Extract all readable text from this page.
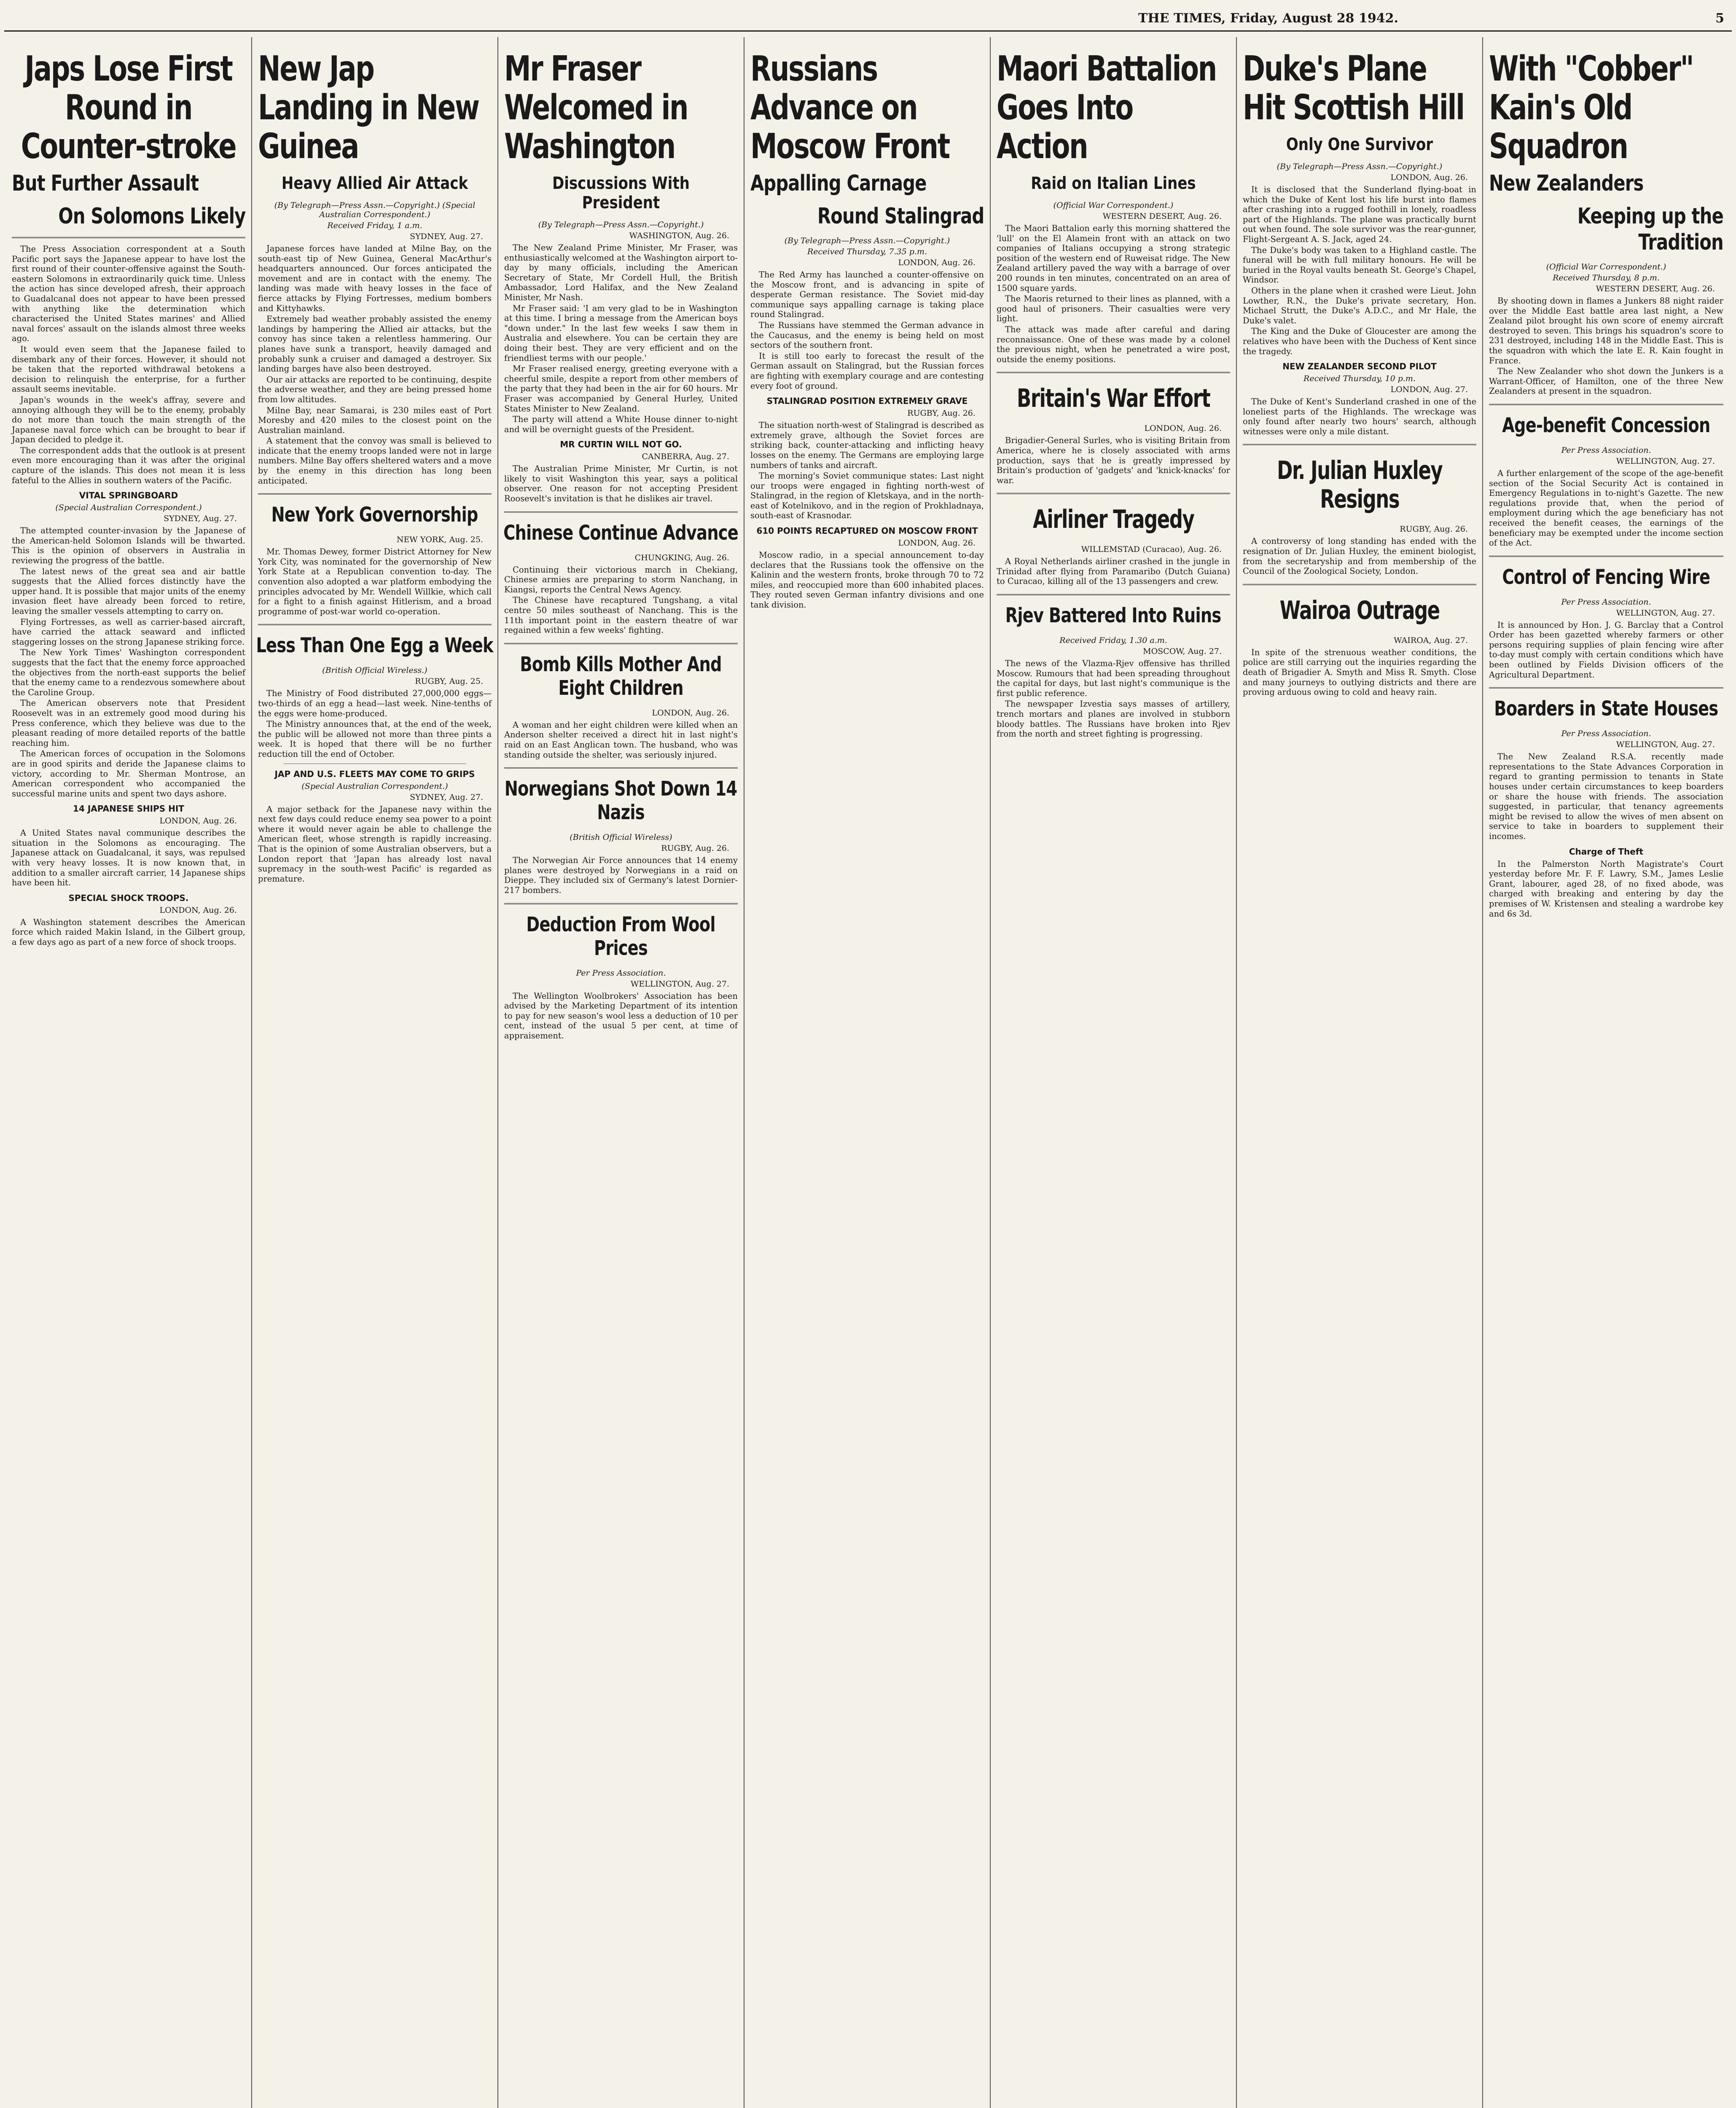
THE TIMES, Friday, August 28 1942.	5
Japs Lose First Round in Counter-stroke
But Further Assault
On Solomons Likely

The Press Association correspondent at a South Pacific port says the Japanese appear to have lost the first round of their counter-offensive against the South-eastern Solomons in extraordinarily quick time. Unless the action has since developed afresh, their approach to Guadalcanal does not appear to have been pressed with anything like the determination which characterised the United States marines' and Allied naval forces' assault on the islands almost three weeks ago.

It would even seem that the Japanese failed to disembark any of their forces. However, it should not be taken that the reported withdrawal betokens a decision to relinquish the enterprise, for a further assault seems inevitable.

Japan's wounds in the week's affray, severe and annoying although they will be to the enemy, probably do not more than touch the main strength of the Japanese naval force which can be brought to bear if Japan decided to pledge it.

The correspondent adds that the outlook is at present even more encouraging than it was after the original capture of the islands. This does not mean it is less fateful to the Allies in southern waters of the Pacific.

VITAL SPRINGBOARD
(Special Australian Correspondent.)
SYDNEY, Aug. 27.

The attempted counter-invasion by the Japanese of the American-held Solomon Islands will be thwarted. This is the opinion of observers in Australia in reviewing the progress of the battle.

The latest news of the great sea and air battle suggests that the Allied forces distinctly have the upper hand. It is possible that major units of the enemy invasion fleet have already been forced to retire, leaving the smaller vessels attempting to carry on.

Flying Fortresses, as well as carrier-based aircraft, have carried the attack seaward and inflicted staggering losses on the strong Japanese striking force.

The New York Times' Washington correspondent suggests that the fact that the enemy force approached the objectives from the north-east supports the belief that the enemy came to a rendezvous somewhere about the Caroline Group.

The American observers note that President Roosevelt was in an extremely good mood during his Press conference, which they believe was due to the pleasant reading of more detailed reports of the battle reaching him.

The American forces of occupation in the Solomons are in good spirits and deride the Japanese claims to victory, according to Mr. Sherman Montrose, an American correspondent who accompanied the successful marine units and spent two days ashore.

14 JAPANESE SHIPS HIT
LONDON, Aug. 26.

A United States naval communique describes the situation in the Solomons as encouraging. The Japanese attack on Guadalcanal, it says, was repulsed with very heavy losses. It is now known that, in addition to a smaller aircraft carrier, 14 Japanese ships have been hit.

SPECIAL SHOCK TROOPS.
LONDON, Aug. 26.

A Washington statement describes the American force which raided Makin Island, in the Gilbert group, a few days ago as part of a new force of shock troops.

New Jap Landing in New Guinea
Heavy Allied Air Attack
(By Telegraph—Press Assn.—Copyright.) (Special Australian Correspondent.)
Received Friday, 1 a.m.
SYDNEY, Aug. 27.

Japanese forces have landed at Milne Bay, on the south-east tip of New Guinea, General MacArthur's headquarters announced. Our forces anticipated the movement and are in contact with the enemy. The landing was made with heavy losses in the face of fierce attacks by Flying Fortresses, medium bombers and Kittyhawks.

Extremely bad weather probably assisted the enemy landings by hampering the Allied air attacks, but the convoy has since taken a relentless hammering. Our planes have sunk a transport, heavily damaged and probably sunk a cruiser and damaged a destroyer. Six landing barges have also been destroyed.

Our air attacks are reported to be continuing, despite the adverse weather, and they are being pressed home from low altitudes.

Milne Bay, near Samarai, is 230 miles east of Port Moresby and 420 miles to the closest point on the Australian mainland.

A statement that the convoy was small is believed to indicate that the enemy troops landed were not in large numbers. Milne Bay offers sheltered waters and a move by the enemy in this direction has long been anticipated.

New York Governorship
NEW YORK, Aug. 25.

Mr. Thomas Dewey, former District Attorney for New York City, was nominated for the governorship of New York State at a Republican convention to-day. The convention also adopted a war platform embodying the principles advocated by Mr. Wendell Willkie, which call for a fight to a finish against Hitlerism, and a broad programme of post-war world co-operation.

Less Than One Egg a Week
(British Official Wireless.)
RUGBY, Aug. 25.

The Ministry of Food distributed 27,000,000 eggs—two-thirds of an egg a head—last week. Nine-tenths of the eggs were home-produced.

The Ministry announces that, at the end of the week, the public will be allowed not more than three pints a week. It is hoped that there will be no further reduction till the end of October.

JAP AND U.S. FLEETS MAY COME TO GRIPS
(Special Australian Correspondent.)
SYDNEY, Aug. 27.

A major setback for the Japanese navy within the next few days could reduce enemy sea power to a point where it would never again be able to challenge the American fleet, whose strength is rapidly increasing. That is the opinion of some Australian observers, but a London report that 'Japan has already lost naval supremacy in the south-west Pacific' is regarded as premature.

Mr Fraser Welcomed in Washington
Discussions With President
(By Telegraph—Press Assn.—Copyright.)
WASHINGTON, Aug. 26.

The New Zealand Prime Minister, Mr Fraser, was enthusiastically welcomed at the Washington airport to-day by many officials, including the American Secretary of State, Mr Cordell Hull, the British Ambassador, Lord Halifax, and the New Zealand Minister, Mr Nash.

Mr Fraser said: 'I am very glad to be in Washington at this time. I bring a message from the American boys "down under." In the last few weeks I saw them in Australia and elsewhere. You can be certain they are doing their best. They are very efficient and on the friendliest terms with our people.'

Mr Fraser realised energy, greeting everyone with a cheerful smile, despite a report from other members of the party that they had been in the air for 60 hours. Mr Fraser was accompanied by General Hurley, United States Minister to New Zealand.

The party will attend a White House dinner to-night and will be overnight guests of the President.

MR CURTIN WILL NOT GO.
CANBERRA, Aug. 27.

The Australian Prime Minister, Mr Curtin, is not likely to visit Washington this year, says a political observer. One reason for not accepting President Roosevelt's invitation is that he dislikes air travel.

Chinese Continue Advance
CHUNGKING, Aug. 26.

Continuing their victorious march in Chekiang, Chinese armies are preparing to storm Nanchang, in Kiangsi, reports the Central News Agency.

The Chinese have recaptured Tungshang, a vital centre 50 miles southeast of Nanchang. This is the 11th important point in the eastern theatre of war regained within a few weeks' fighting.

Bomb Kills Mother And Eight Children
LONDON, Aug. 26.

A woman and her eight children were killed when an Anderson shelter received a direct hit in last night's raid on an East Anglican town. The husband, who was standing outside the shelter, was seriously injured.

Norwegians Shot Down 14 Nazis
(British Official Wireless)
RUGBY, Aug. 26.

The Norwegian Air Force announces that 14 enemy planes were destroyed by Norwegians in a raid on Dieppe. They included six of Germany's latest Dornier-217 bombers.

Deduction From Wool Prices
Per Press Association.
WELLINGTON, Aug. 27.

The Wellington Woolbrokers' Association has been advised by the Marketing Department of its intention to pay for new season's wool less a deduction of 10 per cent, instead of the usual 5 per cent, at time of appraisement.

Russians Advance on Moscow Front
Appalling Carnage
Round Stalingrad
(By Telegraph—Press Assn.—Copyright.)
Received Thursday, 7.35 p.m.
LONDON, Aug. 26.

The Red Army has launched a counter-offensive on the Moscow front, and is advancing in spite of desperate German resistance. The Soviet mid-day communique says appalling carnage is taking place round Stalingrad.

The Russians have stemmed the German advance in the Caucasus, and the enemy is being held on most sectors of the southern front.

It is still too early to forecast the result of the German assault on Stalingrad, but the Russian forces are fighting with exemplary courage and are contesting every foot of ground.

STALINGRAD POSITION EXTREMELY GRAVE
RUGBY, Aug. 26.

The situation north-west of Stalingrad is described as extremely grave, although the Soviet forces are striking back, counter-attacking and inflicting heavy losses on the enemy. The Germans are employing large numbers of tanks and aircraft.

The morning's Soviet communique states: Last night our troops were engaged in fighting north-west of Stalingrad, in the region of Kletskaya, and in the north-east of Kotelnikovo, and in the region of Prokhladnaya, south-east of Krasnodar.

610 POINTS RECAPTURED ON MOSCOW FRONT
LONDON, Aug. 26.

Moscow radio, in a special announcement to-day declares that the Russians took the offensive on the Kalinin and the western fronts, broke through 70 to 72 miles, and reoccupied more than 600 inhabited places. They routed seven German infantry divisions and one tank division.

Maori Battalion Goes Into Action
Raid on Italian Lines
(Official War Correspondent.)
WESTERN DESERT, Aug. 26.

The Maori Battalion early this morning shattered the 'lull' on the El Alamein front with an attack on two companies of Italians occupying a strong strategic position of the western end of Ruweisat ridge. The New Zealand artillery paved the way with a barrage of over 200 rounds in ten minutes, concentrated on an area of 1500 square yards.

The Maoris returned to their lines as planned, with a good haul of prisoners. Their casualties were very light.

The attack was made after careful and daring reconnaissance. One of these was made by a colonel the previous night, when he penetrated a wire post, outside the enemy positions.

Britain's War Effort
LONDON, Aug. 26.

Brigadier-General Surles, who is visiting Britain from America, where he is closely associated with arms production, says that he is greatly impressed by Britain's production of 'gadgets' and 'knick-knacks' for war.

Airliner Tragedy
WILLEMSTAD (Curacao), Aug. 26.

A Royal Netherlands airliner crashed in the jungle in Trinidad after flying from Paramaribo (Dutch Guiana) to Curacao, killing all of the 13 passengers and crew.

Rjev Battered Into Ruins
Received Friday, 1.30 a.m.
MOSCOW, Aug. 27.

The news of the Vlazma-Rjev offensive has thrilled Moscow. Rumours that had been spreading throughout the capital for days, but last night's communique is the first public reference.

The newspaper Izvestia says masses of artillery, trench mortars and planes are involved in stubborn bloody battles. The Russians have broken into Rjev from the north and street fighting is progressing.

Duke's Plane Hit Scottish Hill
Only One Survivor
(By Telegraph—Press Assn.—Copyright.)
LONDON, Aug. 26.

It is disclosed that the Sunderland flying-boat in which the Duke of Kent lost his life burst into flames after crashing into a rugged foothill in lonely, roadless part of the Highlands. The plane was practically burnt out when found. The sole survivor was the rear-gunner, Flight-Sergeant A. S. Jack, aged 24.

The Duke's body was taken to a Highland castle. The funeral will be with full military honours. He will be buried in the Royal vaults beneath St. George's Chapel, Windsor.

Others in the plane when it crashed were Lieut. John Lowther, R.N., the Duke's private secretary, Hon. Michael Strutt, the Duke's A.D.C., and Mr Hale, the Duke's valet.

The King and the Duke of Gloucester are among the relatives who have been with the Duchess of Kent since the tragedy.

NEW ZEALANDER SECOND PILOT
Received Thursday, 10 p.m.
LONDON, Aug. 27.

The Duke of Kent's Sunderland crashed in one of the loneliest parts of the Highlands. The wreckage was only found after nearly two hours' search, although witnesses were only a mile distant.

Dr. Julian Huxley Resigns
RUGBY, Aug. 26.

A controversy of long standing has ended with the resignation of Dr. Julian Huxley, the eminent biologist, from the secretaryship and from membership of the Council of the Zoological Society, London.

Wairoa Outrage
WAIROA, Aug. 27.

In spite of the strenuous weather conditions, the police are still carrying out the inquiries regarding the death of Brigadier A. Smyth and Miss R. Smyth. Close and many journeys to outlying districts and there are proving arduous owing to cold and heavy rain.

With "Cobber" Kain's Old Squadron
New Zealanders
Keeping up the Tradition
(Official War Correspondent.)
Received Thursday, 8 p.m.
WESTERN DESERT, Aug. 26.

By shooting down in flames a Junkers 88 night raider over the Middle East battle area last night, a New Zealand pilot brought his own score of enemy aircraft destroyed to seven. This brings his squadron's score to 231 destroyed, including 148 in the Middle East. This is the squadron with which the late E. R. Kain fought in France.

The New Zealander who shot down the Junkers is a Warrant-Officer, of Hamilton, one of the three New Zealanders at present in the squadron.

Age-benefit Concession
Per Press Association.
WELLINGTON, Aug. 27.

A further enlargement of the scope of the age-benefit section of the Social Security Act is contained in Emergency Regulations in to-night's Gazette. The new regulations provide that, when the period of employment during which the age beneficiary has not received the benefit ceases, the earnings of the beneficiary may be exempted under the income section of the Act.

Control of Fencing Wire
Per Press Association.
WELLINGTON, Aug. 27.

It is announced by Hon. J. G. Barclay that a Control Order has been gazetted whereby farmers or other persons requiring supplies of plain fencing wire after to-day must comply with certain conditions which have been outlined by Fields Division officers of the Agricultural Department.

Boarders in State Houses
Per Press Association.
WELLINGTON, Aug. 27.

The New Zealand R.S.A. recently made representations to the State Advances Corporation in regard to granting permission to tenants in State houses under certain circumstances to keep boarders or share the house with friends. The association suggested, in particular, that tenancy agreements might be revised to allow the wives of men absent on service to take in boarders to supplement their incomes.

Charge of Theft

In the Palmerston North Magistrate's Court yesterday before Mr. F. F. Lawry, S.M., James Leslie Grant, labourer, aged 28, of no fixed abode, was charged with breaking and entering by day the premises of W. Kristensen and stealing a wardrobe key and 6s 3d.
